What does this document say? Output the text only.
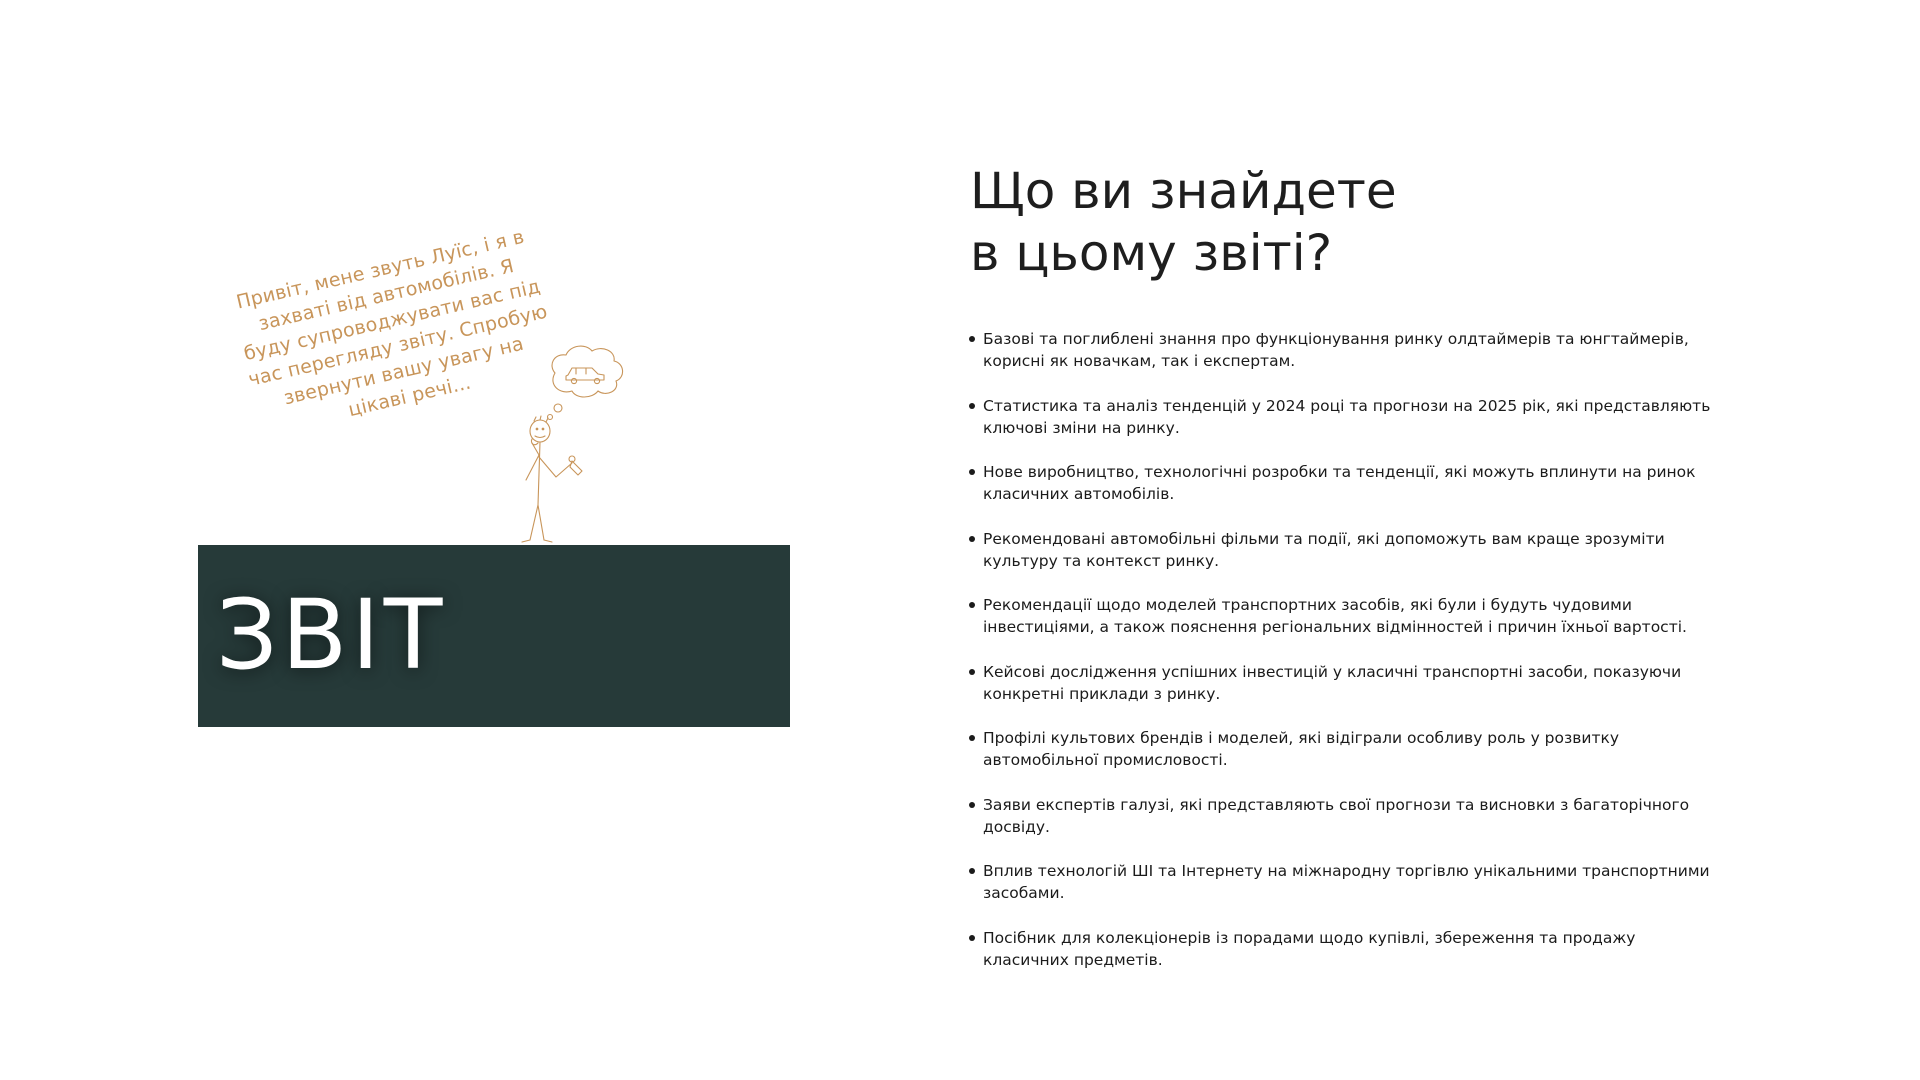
Привіт, мене звуть Луїс, і я в захваті від автомобілів. Я буду супроводжувати вас під час перегляду звіту. Спробую звернути вашу увагу на цікаві речі...
ЗВІТ
Що ви знайдете
в цьому звіті?
Базові та поглиблені знання про функціонування ринку олдтаймерів та юнгтаймерів, корисні як новачкам, так і експертам.
Статистика та аналіз тенденцій у 2024 році та прогнози на 2025 рік, які представляють ключові зміни на ринку.
Нове виробництво, технологічні розробки та тенденції, які можуть вплинути на ринок класичних автомобілів.
Рекомендовані автомобільні фільми та події, які допоможуть вам краще зрозуміти культуру та контекст ринку.
Рекомендації щодо моделей транспортних засобів, які були і будуть чудовими інвестиціями, а також пояснення регіональних відмінностей і причин їхньої вартості.
Кейсові дослідження успішних інвестицій у класичні транспортні засоби, показуючи конкретні приклади з ринку.
Профілі культових брендів і моделей, які відіграли особливу роль у розвитку автомобільної промисловості.
Заяви експертів галузі, які представляють свої прогнози та висновки з багаторічного досвіду.
Вплив технологій ШІ та Інтернету на міжнародну торгівлю унікальними транспортними засобами.
Посібник для колекціонерів із порадами щодо купівлі, збереження та продажу класичних предметів.
